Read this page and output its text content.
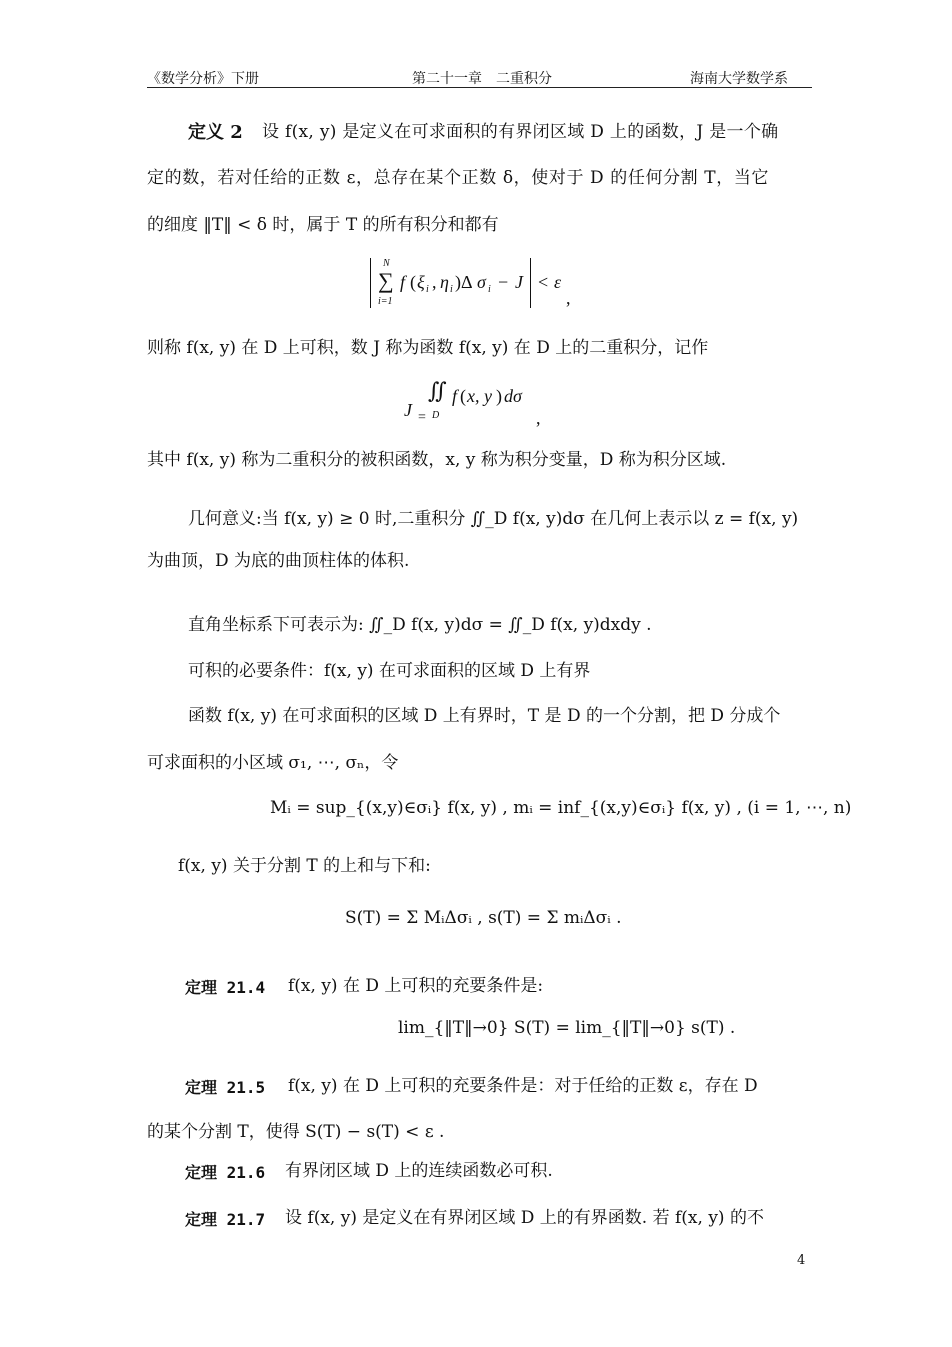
《数学分析》下册	第二十一章　二重积分	海南大学数学系
定义 2 设 f(x, y) 是定义在可求面积的有界闭区域 D 上的函数，J 是一个确
定的数，若对任给的正数 ε，总存在某个正数 δ，使对于 D 的任何分割 T，当它
的细度 ‖T‖ < δ 时，属于 T 的所有积分和都有
∑
N
i=1
f ( ξ i , η i )Δ σ i − J < ε
,
则称 f(x, y) 在 D 上可积，数 J 称为函数 f(x, y) 在 D 上的二重积分，记作
J =
∬
D
f ( x, y ) dσ
,
其中 f(x, y) 称为二重积分的被积函数，x, y 称为积分变量，D 称为积分区域.
几何意义:当 f(x, y) ≥ 0 时,二重积分 ∬_D f(x, y)dσ 在几何上表示以 z = f(x, y)
为曲顶，D 为底的曲顶柱体的体积.
直角坐标系下可表示为: ∬_D f(x, y)dσ = ∬_D f(x, y)dxdy .
可积的必要条件：f(x, y) 在可求面积的区域 D 上有界
函数 f(x, y) 在可求面积的区域 D 上有界时，T 是 D 的一个分割，把 D 分成个
可求面积的小区域 σ₁, ⋯, σₙ，令
Mᵢ = sup_{(x,y)∈σᵢ} f(x, y) , mᵢ = inf_{(x,y)∈σᵢ} f(x, y) , (i = 1, ⋯, n)
f(x, y) 关于分割 T 的上和与下和:
S(T) = Σ MᵢΔσᵢ , s(T) = Σ mᵢΔσᵢ .
定理 21.4 f(x, y) 在 D 上可积的充要条件是:
lim_{‖T‖→0} S(T) = lim_{‖T‖→0} s(T) .
定理 21.5 f(x, y) 在 D 上可积的充要条件是：对于任给的正数 ε，存在 D
的某个分割 T，使得 S(T) − s(T) < ε .
定理 21.6 有界闭区域 D 上的连续函数必可积.
定理 21.7 设 f(x, y) 是定义在有界闭区域 D 上的有界函数. 若 f(x, y) 的不
4
